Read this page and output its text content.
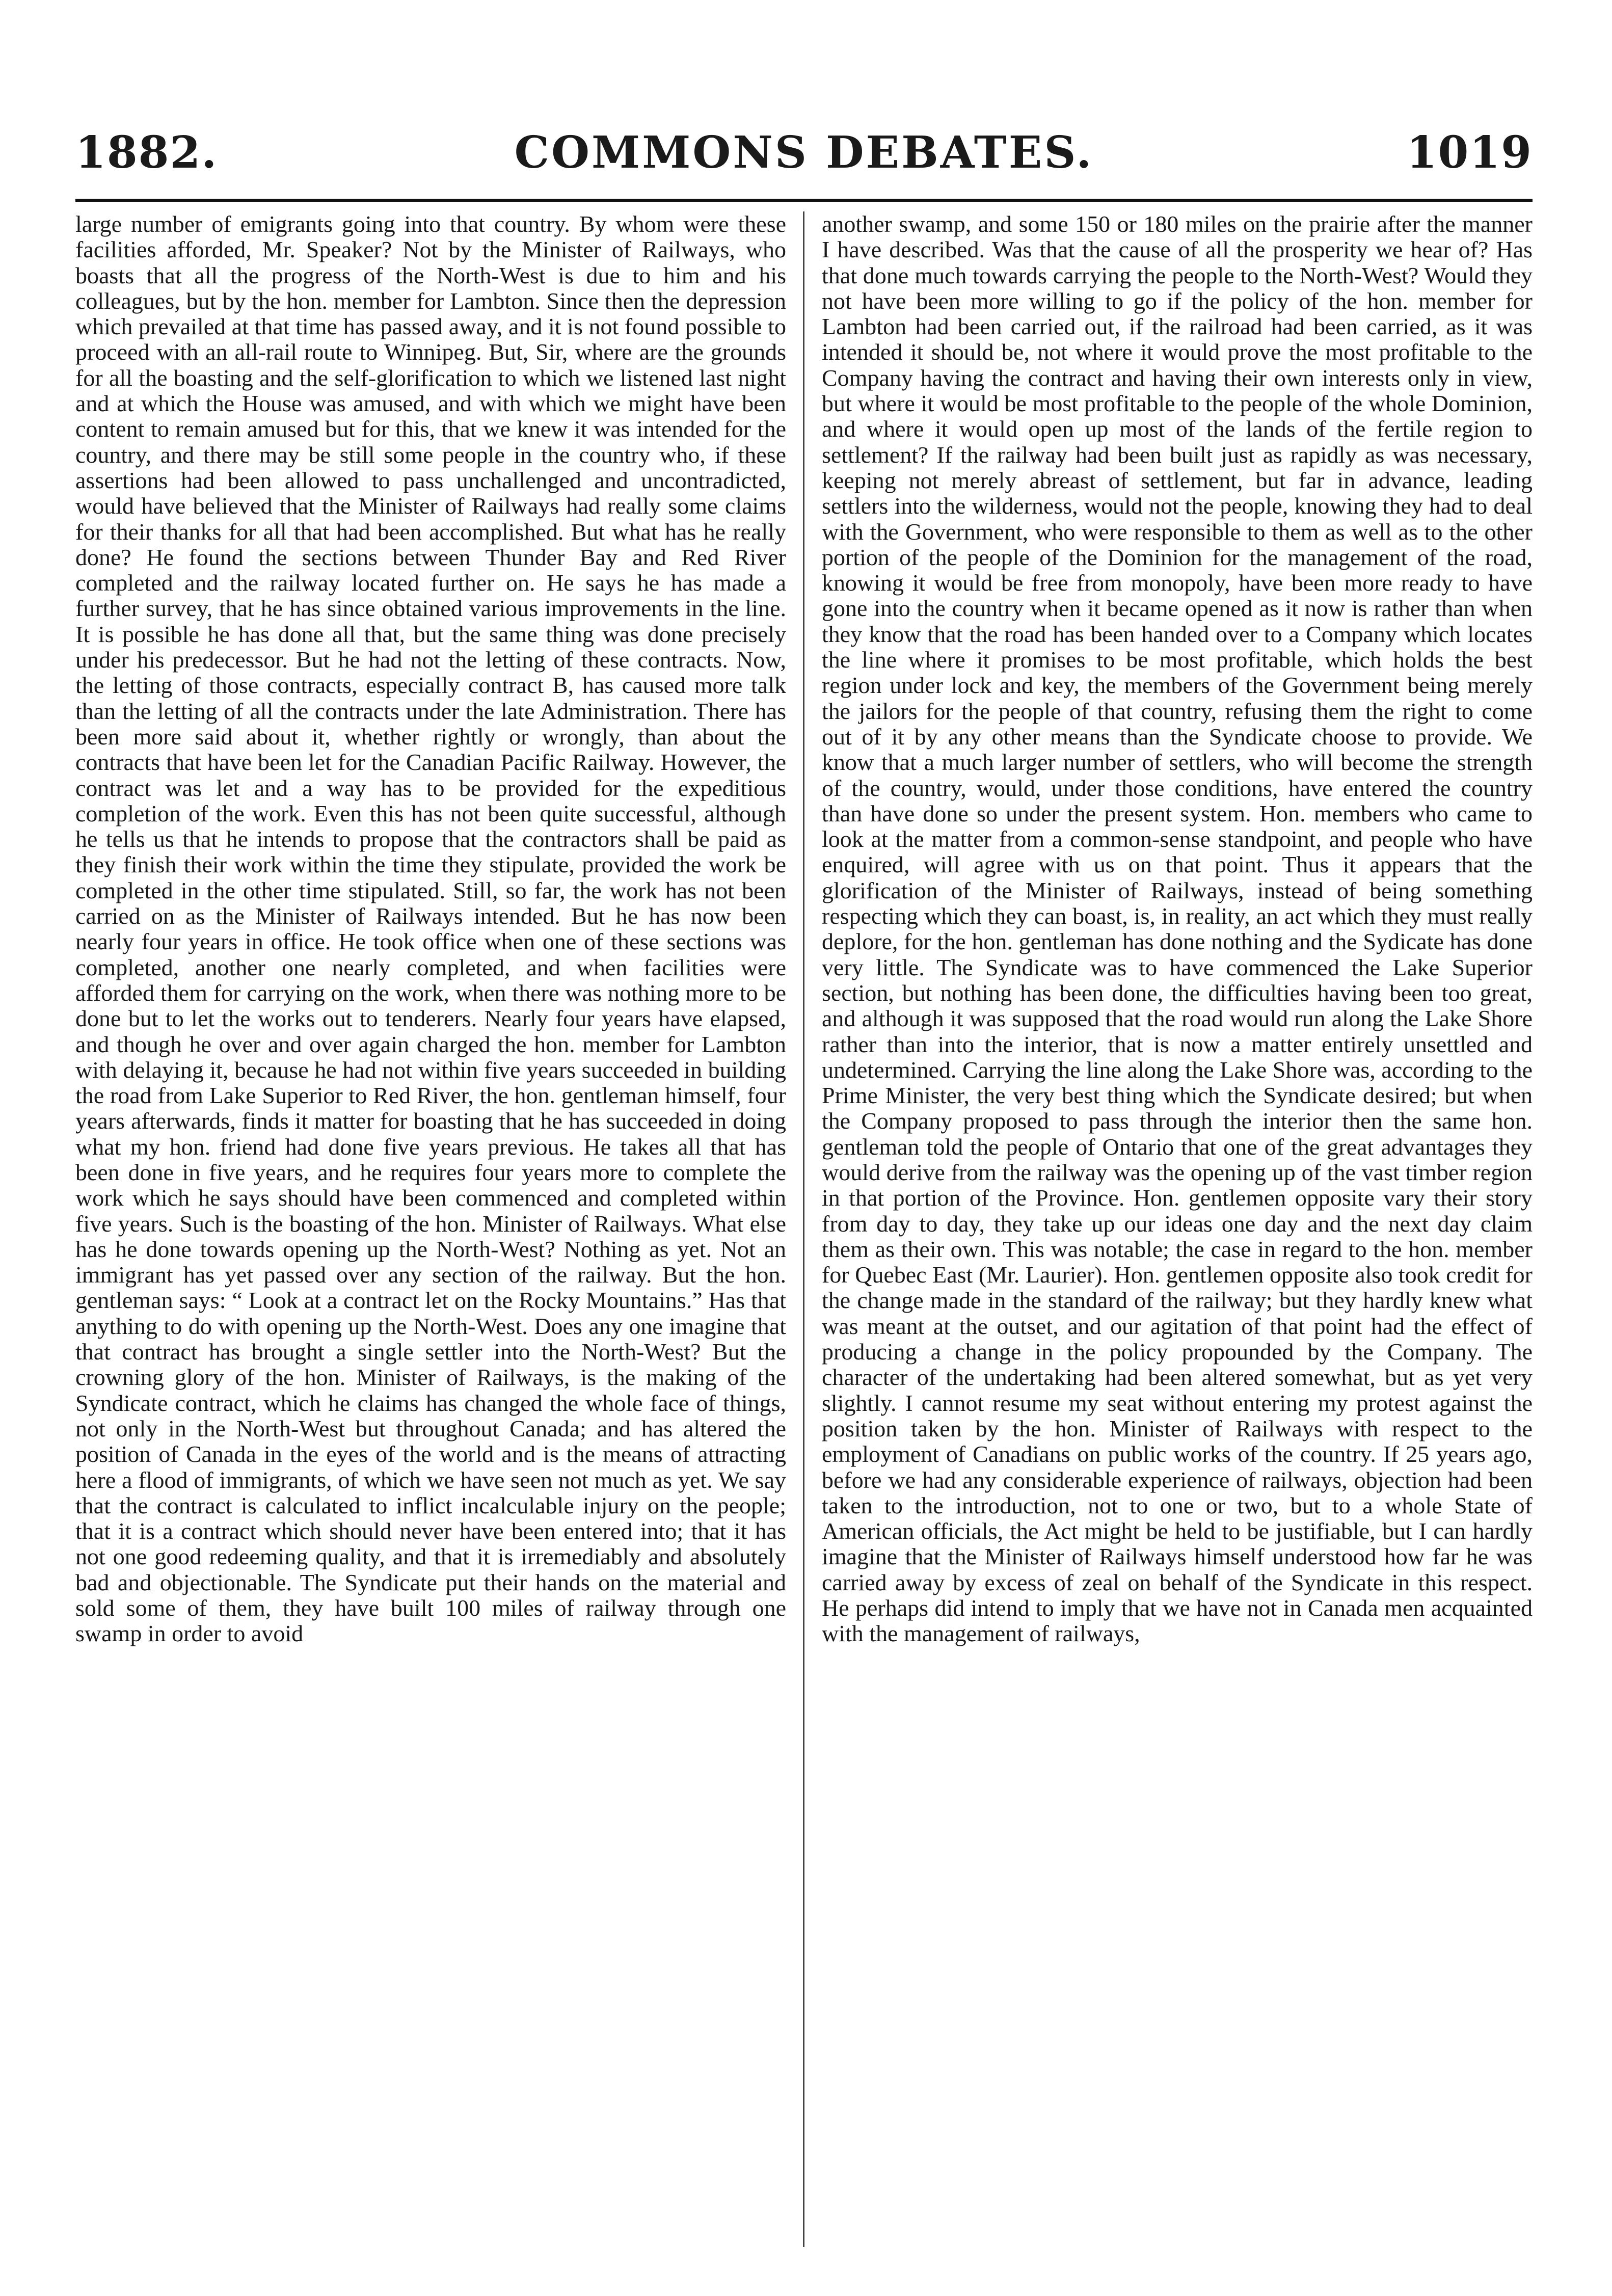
1882.	COMMONS DEBATES.	1019

large number of emigrants going into that country. By whom were these facilities afforded, Mr. Speaker? Not by the Minister of Railways, who boasts that all the progress of the North-West is due to him and his colleagues, but by the hon. member for Lambton. Since then the depression which prevailed at that time has passed away, and it is not found possible to proceed with an all-rail route to Winnipeg. But, Sir, where are the grounds for all the boasting and the self-glorification to which we listened last night and at which the House was amused, and with which we might have been content to remain amused but for this, that we knew it was intended for the country, and there may be still some people in the country who, if these assertions had been allowed to pass unchallenged and uncontradicted, would have believed that the Minister of Railways had really some claims for their thanks for all that had been accomplished. But what has he really done? He found the sections between Thunder Bay and Red River completed and the railway located further on. He says he has made a further survey, that he has since obtained various improvements in the line. It is possible he has done all that, but the same thing was done precisely under his predecessor. But he had not the letting of these contracts. Now, the letting of those contracts, especially contract B, has caused more talk than the letting of all the contracts under the late Administration. There has been more said about it, whether rightly or wrongly, than about the contracts that have been let for the Canadian Pacific Railway. However, the contract was let and a way has to be provided for the expeditious completion of the work. Even this has not been quite successful, although he tells us that he intends to propose that the contractors shall be paid as they finish their work within the time they stipulate, provided the work be completed in the other time stipulated. Still, so far, the work has not been carried on as the Minister of Railways intended. But he has now been nearly four years in office. He took office when one of these sections was completed, another one nearly completed, and when facilities were afforded them for carrying on the work, when there was nothing more to be done but to let the works out to tenderers. Nearly four years have elapsed, and though he over and over again charged the hon. member for Lambton with delaying it, because he had not within five years succeeded in building the road from Lake Superior to Red River, the hon. gentleman himself, four years afterwards, finds it matter for boasting that he has succeeded in doing what my hon. friend had done five years previous. He takes all that has been done in five years, and he requires four years more to complete the work which he says should have been commenced and completed within five years. Such is the boasting of the hon. Minister of Railways. What else has he done towards opening up the North-West? Nothing as yet. Not an immigrant has yet passed over any section of the railway. But the hon. gentleman says: “ Look at a contract let on the Rocky Mountains.” Has that anything to do with opening up the North-West. Does any one imagine that that contract has brought a single settler into the North-West? But the crowning glory of the hon. Minister of Railways, is the making of the Syndicate contract, which he claims has changed the whole face of things, not only in the North-West but throughout Canada; and has altered the position of Canada in the eyes of the world and is the means of attracting here a flood of immigrants, of which we have seen not much as yet. We say that the contract is calculated to inflict incalculable injury on the people; that it is a contract which should never have been entered into; that it has not one good redeeming quality, and that it is irremediably and absolutely bad and objectionable. The Syndicate put their hands on the material and sold some of them, they have built 100 miles of railway through one swamp in order to avoid

another swamp, and some 150 or 180 miles on the prairie after the manner I have described. Was that the cause of all the prosperity we hear of? Has that done much towards carrying the people to the North-West? Would they not have been more willing to go if the policy of the hon. member for Lambton had been carried out, if the railroad had been carried, as it was intended it should be, not where it would prove the most profitable to the Company having the contract and having their own interests only in view, but where it would be most profitable to the people of the whole Dominion, and where it would open up most of the lands of the fertile region to settlement? If the railway had been built just as rapidly as was necessary, keeping not merely abreast of settlement, but far in advance, leading settlers into the wilderness, would not the people, knowing they had to deal with the Government, who were responsible to them as well as to the other portion of the people of the Dominion for the management of the road, knowing it would be free from monopoly, have been more ready to have gone into the country when it became opened as it now is rather than when they know that the road has been handed over to a Company which locates the line where it promises to be most profitable, which holds the best region under lock and key, the members of the Government being merely the jailors for the people of that country, refusing them the right to come out of it by any other means than the Syndicate choose to provide. We know that a much larger number of settlers, who will become the strength of the country, would, under those conditions, have entered the country than have done so under the present system. Hon. members who came to look at the matter from a common-sense standpoint, and people who have enquired, will agree with us on that point. Thus it appears that the glorification of the Minister of Railways, instead of being something respecting which they can boast, is, in reality, an act which they must really deplore, for the hon. gentleman has done nothing and the Sydicate has done very little. The Syndicate was to have commenced the Lake Superior section, but nothing has been done, the difficulties having been too great, and although it was supposed that the road would run along the Lake Shore rather than into the interior, that is now a matter entirely unsettled and undetermined. Carrying the line along the Lake Shore was, according to the Prime Minister, the very best thing which the Syndicate desired; but when the Company proposed to pass through the interior then the same hon. gentleman told the people of Ontario that one of the great advantages they would derive from the railway was the opening up of the vast timber region in that portion of the Province. Hon. gentlemen opposite vary their story from day to day, they take up our ideas one day and the next day claim them as their own. This was notable; the case in regard to the hon. member for Quebec East (Mr. Laurier). Hon. gentlemen opposite also took credit for the change made in the standard of the railway; but they hardly knew what was meant at the outset, and our agitation of that point had the effect of producing a change in the policy propounded by the Company. The character of the undertaking had been altered somewhat, but as yet very slightly. I cannot resume my seat without entering my protest against the position taken by the hon. Minister of Railways with respect to the employment of Canadians on public works of the country. If 25 years ago, before we had any considerable experience of railways, objection had been taken to the introduction, not to one or two, but to a whole State of American officials, the Act might be held to be justifiable, but I can hardly imagine that the Minister of Railways himself understood how far he was carried away by excess of zeal on behalf of the Syndicate in this respect. He perhaps did intend to imply that we have not in Canada men acquainted with the management of railways,
